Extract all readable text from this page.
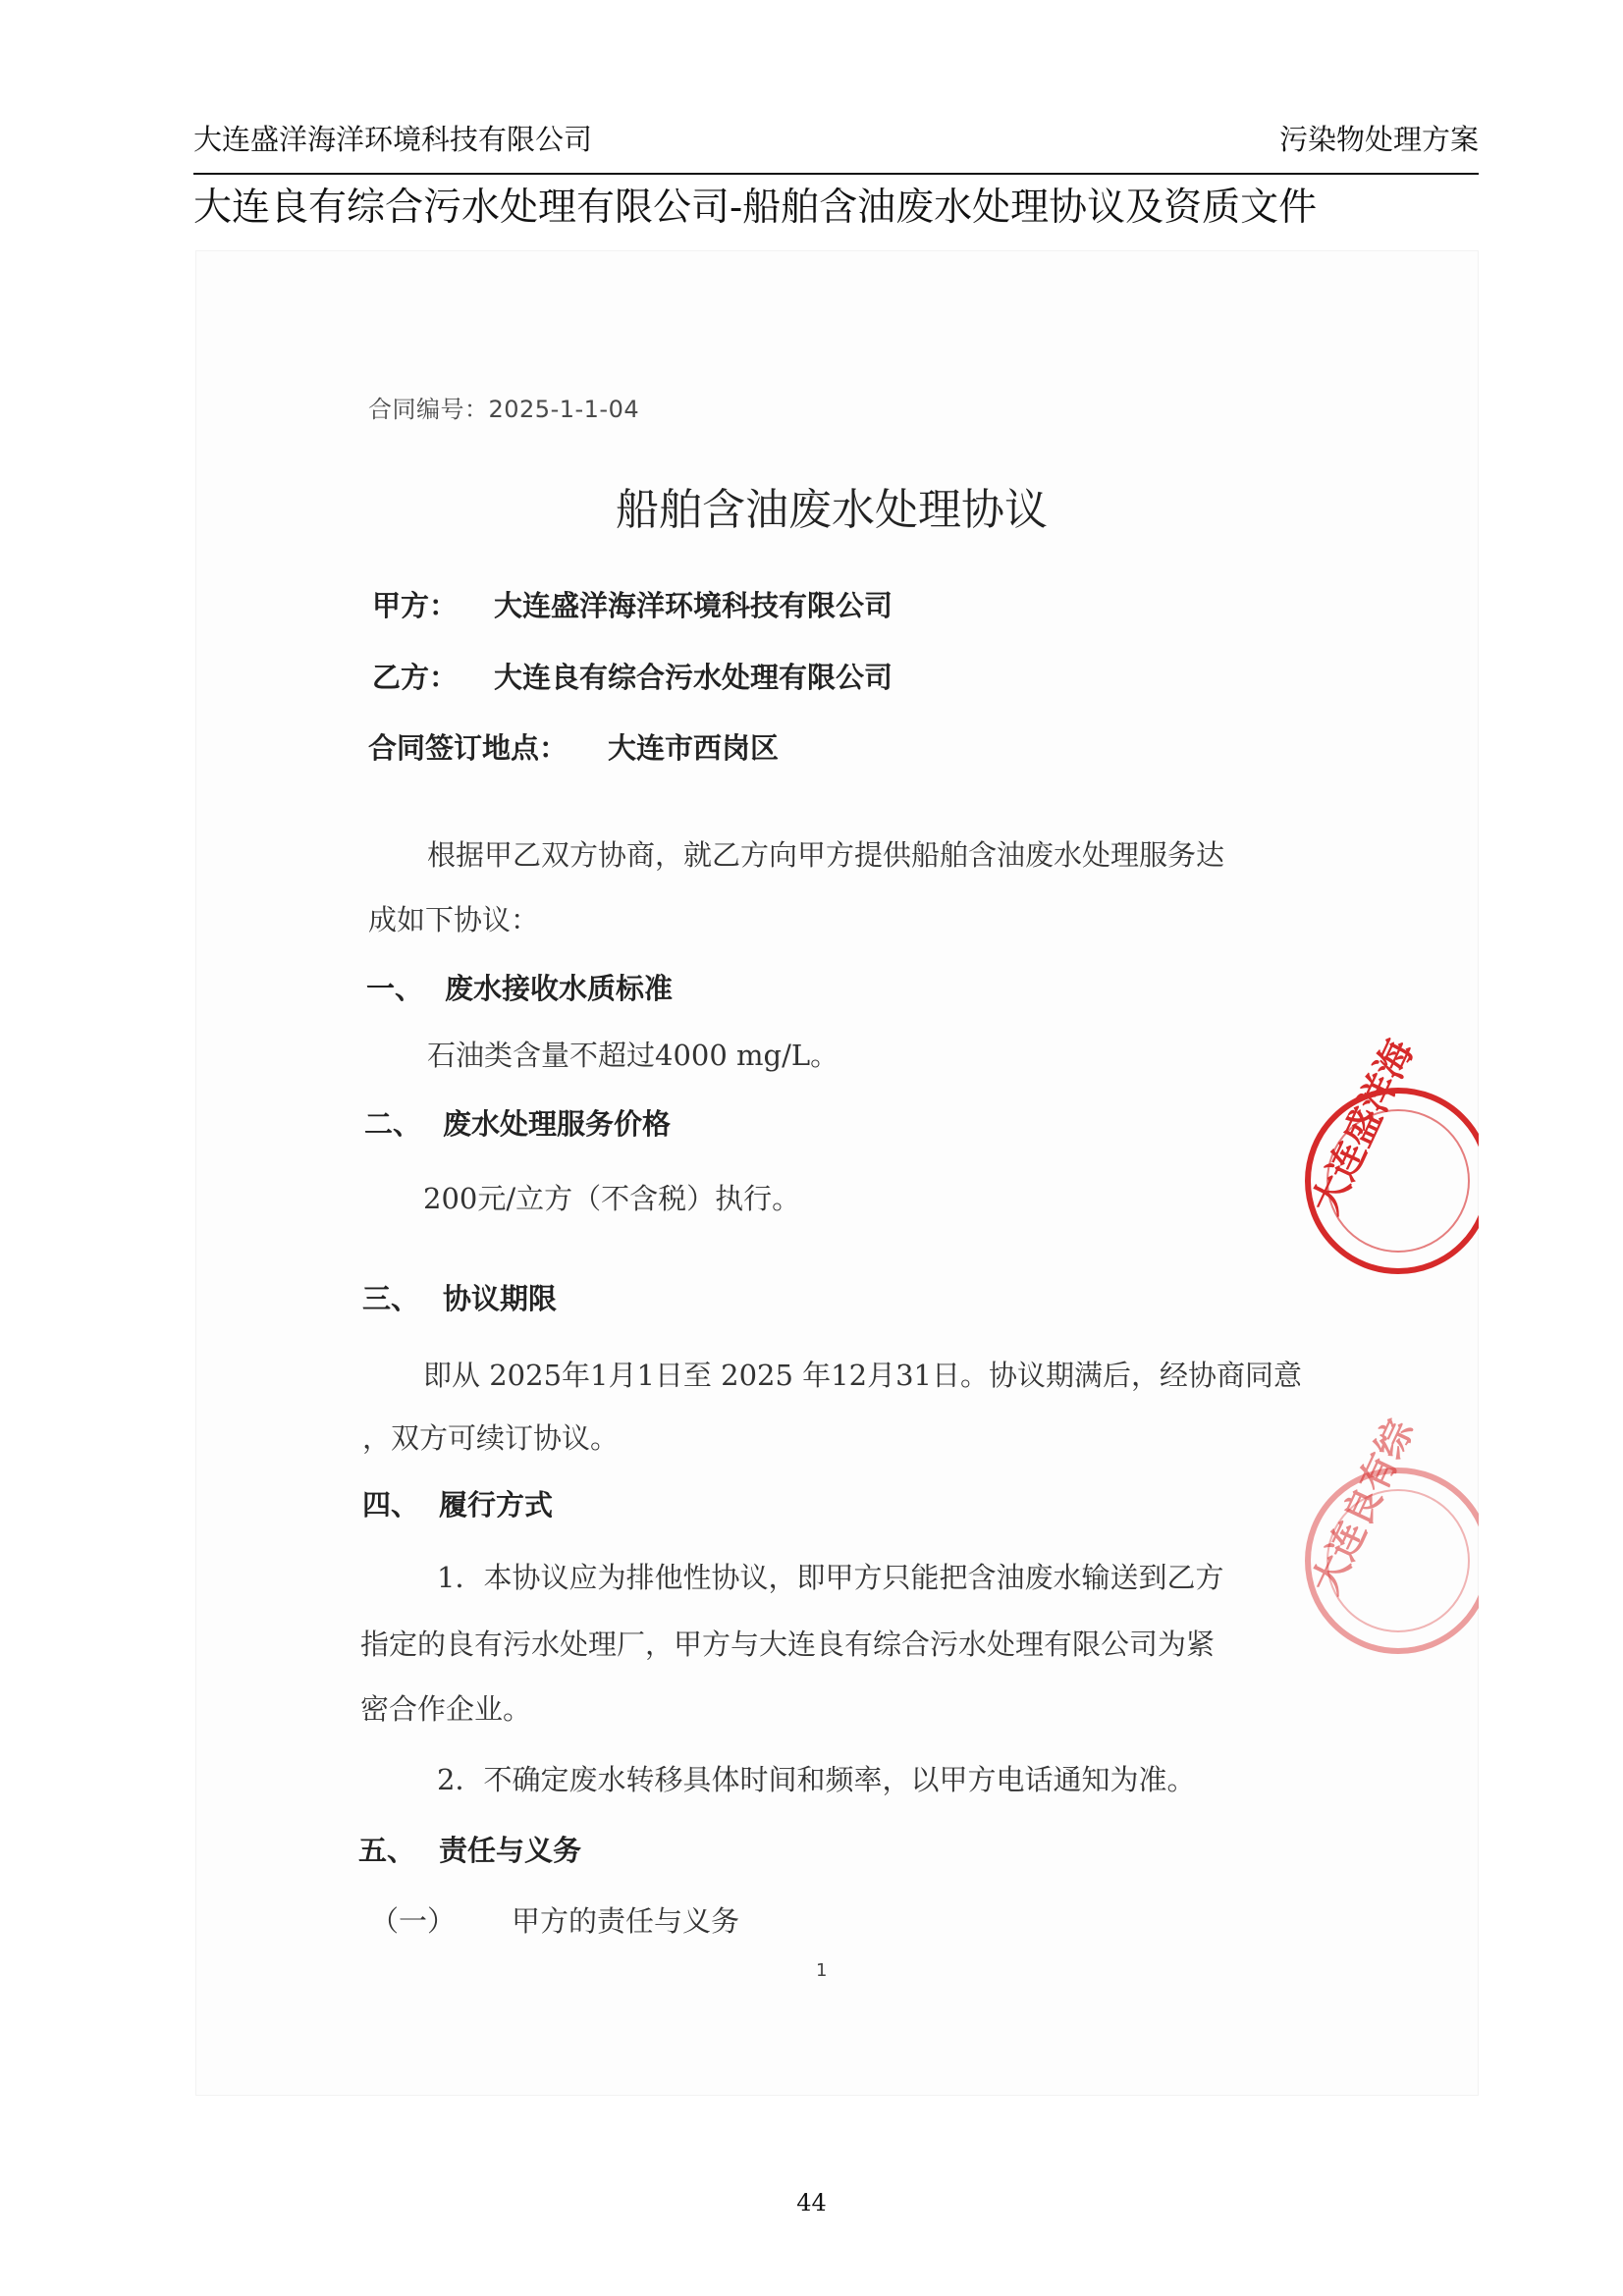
大连盛洋海洋环境科技有限公司	污染物处理方案
大连良有综合污水处理有限公司-船舶含油废水处理协议及资质文件
合同编号：2025-1-1-04
船舶含油废水处理协议
甲方： 大连盛洋海洋环境科技有限公司
乙方： 大连良有综合污水处理有限公司
合同签订地点： 大连市西岗区
根据甲乙双方协商，就乙方向甲方提供船舶含油废水处理服务达
成如下协议：
一、 废水接收水质标准
石油类含量不超过4000 mg/L。
二、 废水处理服务价格
200元/立方（不含税）执行。
三、 协议期限
即从 2025年1月1日至 2025 年12月31日。协议期满后，经协商同意
，双方可续订协议。
四、 履行方式
1．本协议应为排他性协议，即甲方只能把含油废水输送到乙方
指定的良有污水处理厂，甲方与大连良有综合污水处理有限公司为紧
密合作企业。
2．不确定废水转移具体时间和频率，以甲方电话通知为准。
五、 责任与义务
（一） 甲方的责任与义务
1
大连盛洋海
大连良有综
44
